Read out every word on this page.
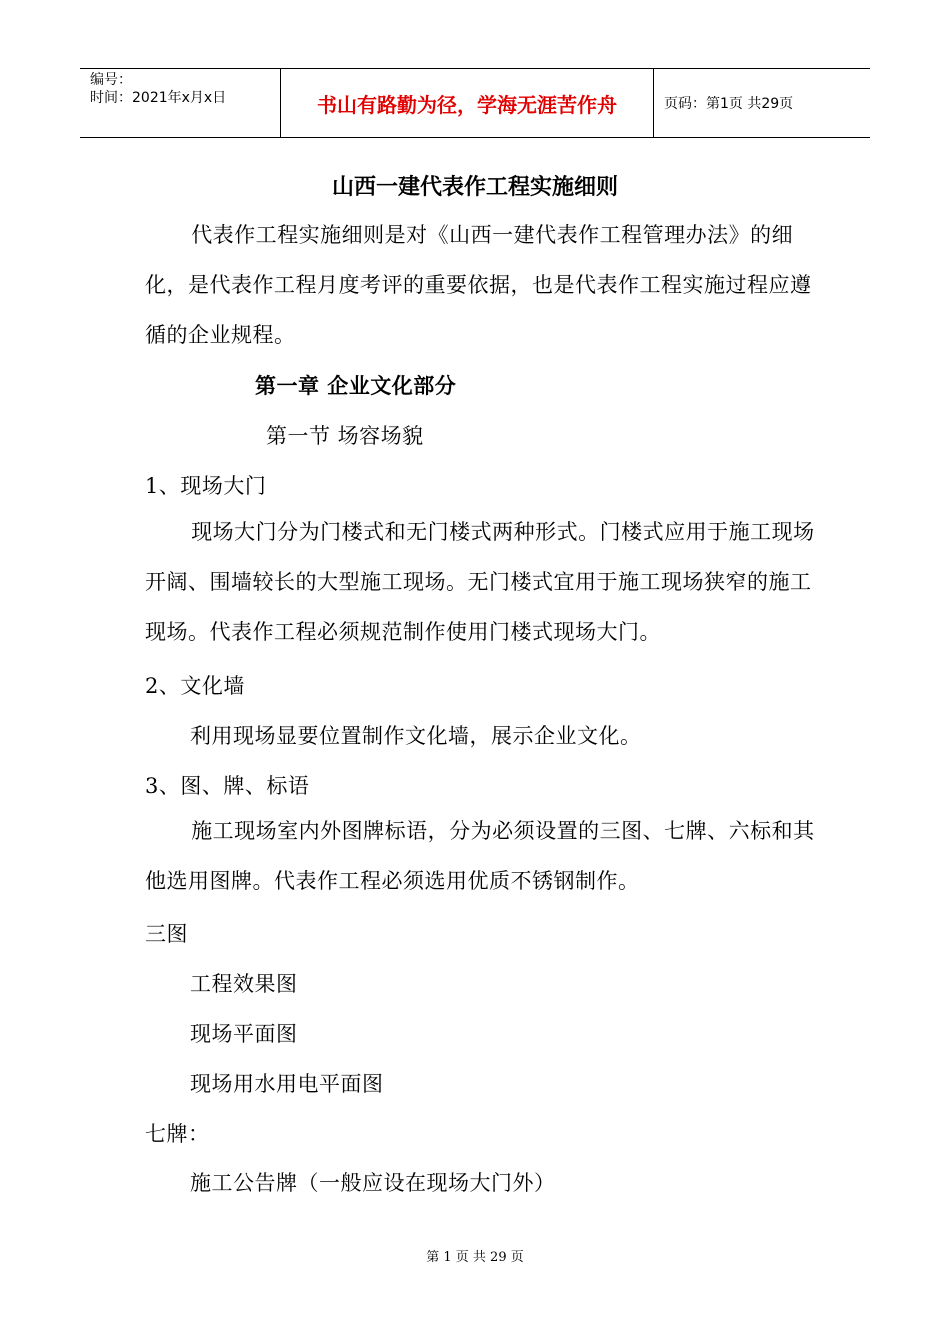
编号：
时间：2021年x月x日	书山有路勤为径，学海无涯苦作舟	页码：第1页 共29页
山西一建代表作工程实施细则
代表作工程实施细则是对《山西一建代表作工程管理办法》的细化，是代表作工程月度考评的重要依据，也是代表作工程实施过程应遵循的企业规程。
第一章 企业文化部分
第一节 场容场貌
1、现场大门
现场大门分为门楼式和无门楼式两种形式。门楼式应用于施工现场开阔、围墙较长的大型施工现场。无门楼式宜用于施工现场狭窄的施工现场。代表作工程必须规范制作使用门楼式现场大门。
2、文化墙
利用现场显要位置制作文化墙，展示企业文化。
3、图、牌、标语
施工现场室内外图牌标语，分为必须设置的三图、七牌、六标和其他选用图牌。代表作工程必须选用优质不锈钢制作。
三图
工程效果图
现场平面图
现场用水用电平面图
七牌：
施工公告牌（一般应设在现场大门外）
第 1 页 共 29 页
